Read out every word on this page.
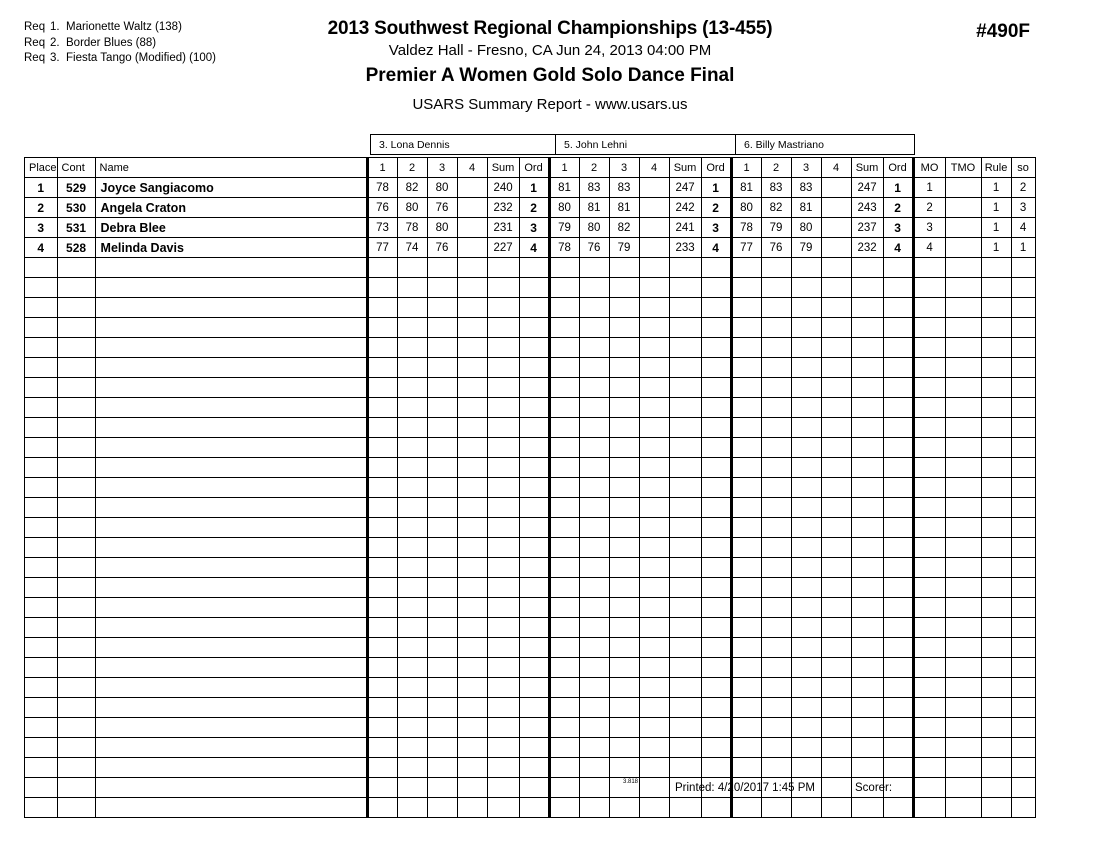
Req 1. Marionette Waltz (138)
Req 2. Border Blues (88)
Req 3. Fiesta Tango (Modified) (100)
2013 Southwest Regional Championships (13-455)
Valdez Hall - Fresno, CA Jun 24, 2013 04:00 PM
Premier A Women Gold Solo Dance Final
USARS Summary Report - www.usars.us
#490F
3. Lona Dennis	5. John Lehni	6. Billy Mastriano
Place	Cont	Name	1	2	3	4	Sum	Ord	1	2	3	4	Sum	Ord	1	2	3	4	Sum	Ord	MO	TMO	Rule	so
1	529	Joyce Sangiacomo	78	82	80		240	1	81	83	83		247	1	81	83	83		247	1	1		1	2
2	530	Angela Craton	76	80	76		232	2	80	81	81		242	2	80	82	81		243	2	2		1	3
3	531	Debra Blee	73	78	80		231	3	79	80	82		241	3	78	79	80		237	3	3		1	4
4	528	Melinda Davis	77	74	76		227	4	78	76	79		233	4	77	76	79		232	4	4		1	1

3.818	Printed: 4/20/2017 1:45 PM	Scorer:
